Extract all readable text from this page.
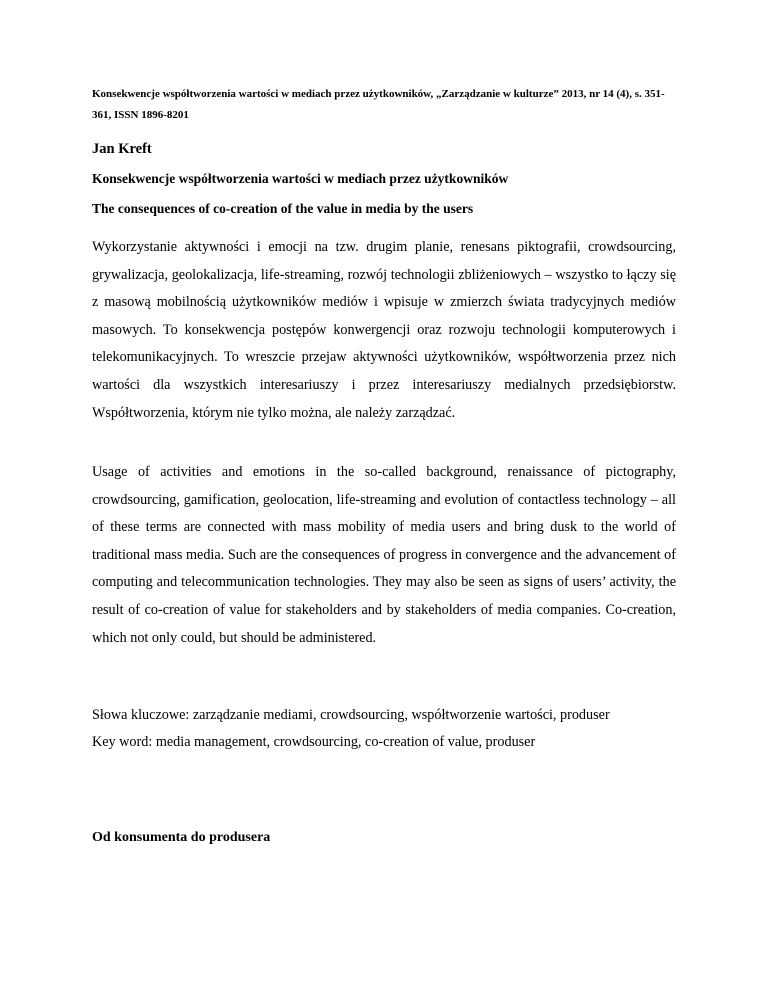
Konsekwencje współtworzenia wartości w mediach przez użytkowników, „Zarządzanie w kulturze” 2013, nr 14 (4), s. 351-361, ISSN 1896-8201

Jan Kreft

Konsekwencje współtworzenia wartości w mediach przez użytkowników

The consequences of co-creation of the value in media by the users

Wykorzystanie aktywności i emocji na tzw. drugim planie, renesans piktografii, crowdsourcing, grywalizacja, geolokalizacja, life-streaming, rozwój technologii zbliżeniowych – wszystko to łączy się z masową mobilnością użytkowników mediów i wpisuje w zmierzch świata tradycyjnych mediów masowych. To konsekwencja postępów konwergencji oraz rozwoju technologii komputerowych i telekomunikacyjnych. To wreszcie przejaw aktywności użytkowników, współtworzenia przez nich wartości dla wszystkich interesariuszy i przez interesariuszy medialnych przedsiębiorstw. Współtworzenia, którym nie tylko można, ale należy zarządzać.

Usage of activities and emotions in the so-called background, renaissance of pictography, crowdsourcing, gamification, geolocation, life-streaming and evolution of contactless technology – all of these terms are connected with mass mobility of media users and bring dusk to the world of traditional mass media. Such are the consequences of progress in convergence and the advancement of computing and telecommunication technologies. They may also be seen as signs of users’ activity, the result of co-creation of value for stakeholders and by stakeholders of media companies. Co-creation, which not only could, but should be administered.

Słowa kluczowe: zarządzanie mediami, crowdsourcing, współtworzenie wartości, produser

Key word: media management, crowdsourcing, co-creation of value, produser

Od konsumenta do produsera
